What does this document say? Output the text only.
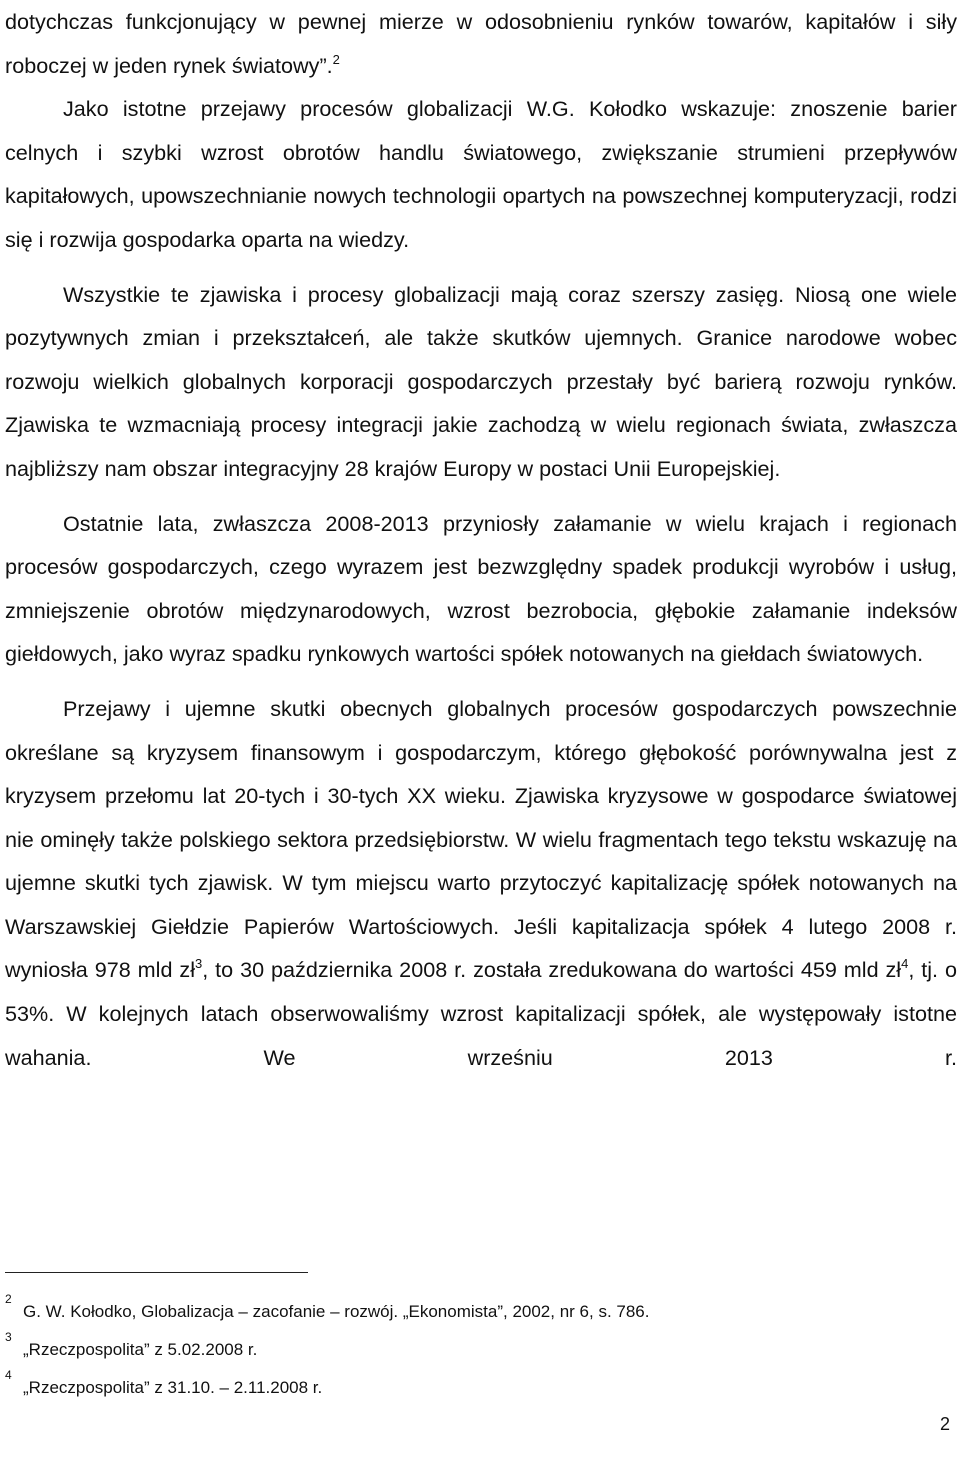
dotychczas funkcjonujący w pewnej mierze w odosobnieniu rynków towarów, kapitałów i siły roboczej w jeden rynek światowy”.$^2$

Jako istotne przejawy procesów globalizacji W.G. Kołodko wskazuje: znoszenie barier celnych i szybki wzrost obrotów handlu światowego, zwiększanie strumieni przepływów kapitałowych, upowszechnianie nowych technologii opartych na powszechnej komputeryzacji, rodzi się i rozwija gospodarka oparta na wiedzy.

Wszystkie te zjawiska i procesy globalizacji mają coraz szerszy zasięg. Niosą one wiele pozytywnych zmian i przekształceń, ale także skutków ujemnych. Granice narodowe wobec rozwoju wielkich globalnych korporacji gospodarczych przestały być barierą rozwoju rynków. Zjawiska te wzmacniają procesy integracji jakie zachodzą w wielu regionach świata, zwłaszcza najbliższy nam obszar integracyjny 28 krajów Europy w postaci Unii Europejskiej.

Ostatnie lata, zwłaszcza 2008-2013 przyniosły załamanie w wielu krajach i regionach procesów gospodarczych, czego wyrazem jest bezwzględny spadek produkcji wyrobów i usług, zmniejszenie obrotów międzynarodowych, wzrost bezrobocia, głębokie załamanie indeksów giełdowych, jako wyraz spadku rynkowych wartości spółek notowanych na giełdach światowych.

Przejawy i ujemne skutki obecnych globalnych procesów gospodarczych powszechnie określane są kryzysem finansowym i gospodarczym, którego głębokość porównywalna jest z kryzysem przełomu lat 20-tych i 30-tych XX wieku. Zjawiska kryzysowe w gospodarce światowej nie ominęły także polskiego sektora przedsiębiorstw. W wielu fragmentach tego tekstu wskazuję na ujemne skutki tych zjawisk. W tym miejscu warto przytoczyć kapitalizację spółek notowanych na Warszawskiej Giełdzie Papierów Wartościowych. Jeśli kapitalizacja spółek 4 lutego 2008 r. wyniosła 978 mld $zł^3$, to 30 października 2008 r. została zredukowana do wartości 459 mld $zł^4$, tj. o 53%. W kolejnych latach obserwowaliśmy wzrost kapitalizacji spółek, ale występowały istotne wahania. We wrześniu 2013 r.

2
G. W. Kołodko, Globalizacja – zacofanie – rozwój. „Ekonomista”, 2002, nr 6, s. 786.
3
„Rzeczpospolita” z 5.02.2008 r.
4
„Rzeczpospolita” z 31.10. – 2.11.2008 r.
2
